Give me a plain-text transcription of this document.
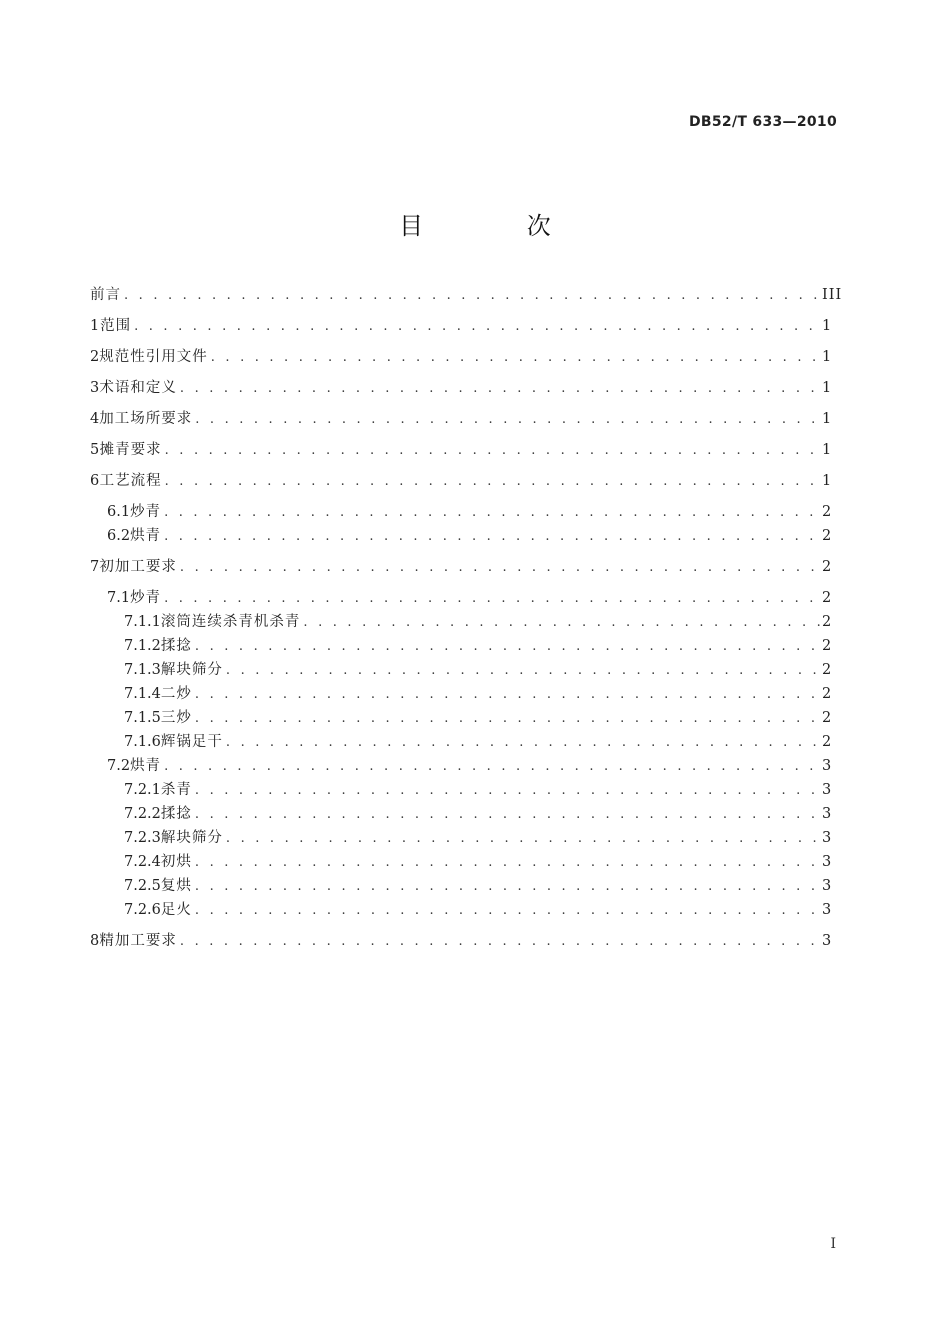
DB52/T 633—2010
目 次
前言 . . .	III
1 范围 . . .	1
2 规范性引用文件 . . .	1
3 术语和定义 . . .	1
4 加工场所要求 . . .	1
5 摊青要求 . . .	1
6 工艺流程 . . .	1
6.1 炒青 . . .	2
6.2 烘青 . . .	2
7 初加工要求 . . .	2
7.1 炒青 . . .	2
7.1.1 滚筒连续杀青机杀青 . . .	2
7.1.2 揉捻 . . .	2
7.1.3 解块筛分 . . .	2
7.1.4 二炒 . . .	2
7.1.5 三炒 . . .	2
7.1.6 辉锅足干 . . .	2
7.2 烘青 . . .	3
7.2.1 杀青 . . .	3
7.2.2 揉捻 . . .	3
7.2.3 解块筛分 . . .	3
7.2.4 初烘 . . .	3
7.2.5 复烘 . . .	3
7.2.6 足火 . . .	3
8 精加工要求 . . .	3
I
